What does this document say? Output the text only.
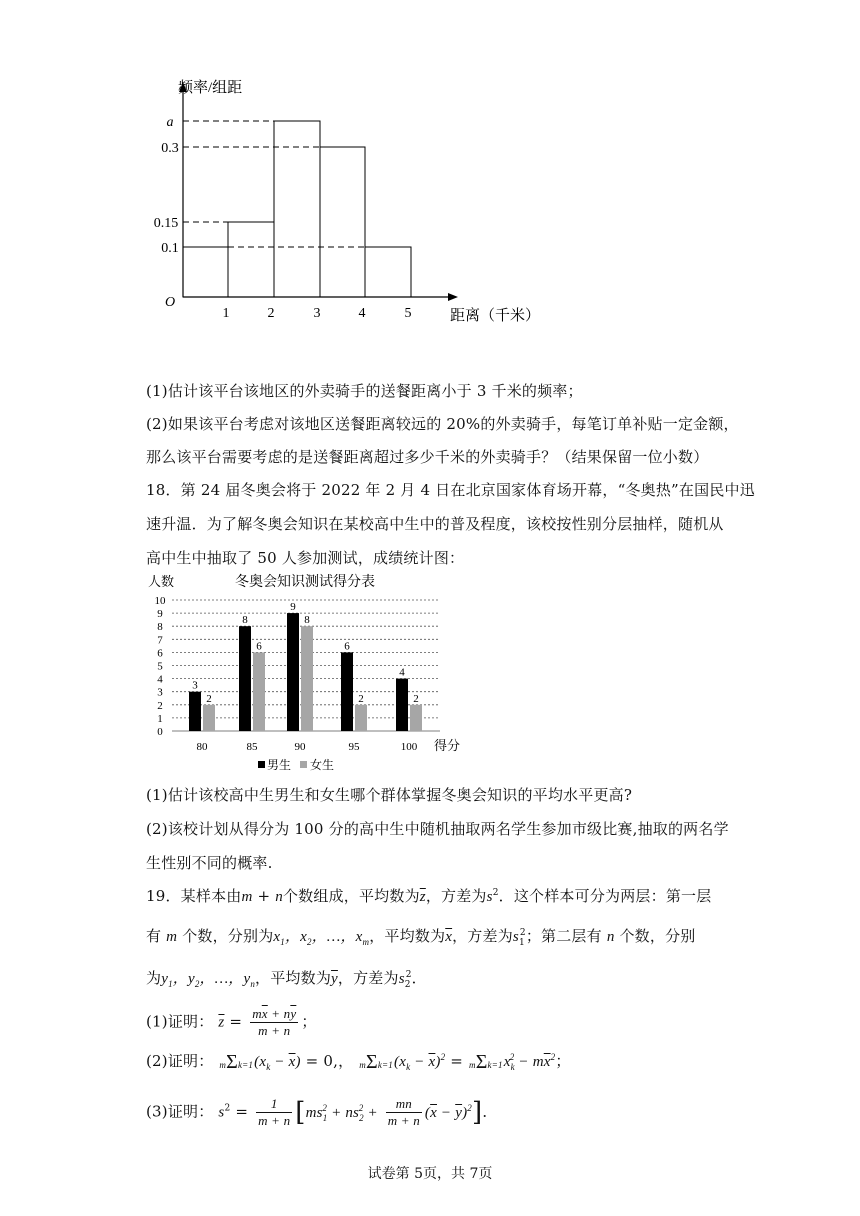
频率/组距
a
0.3
0.15
0.1
O
1	2	3	4	5	距离（千米）
(1)估计该平台该地区的外卖骑手的送餐距离小于 3 千米的频率；
(2)如果该平台考虑对该地区送餐距离较远的 20%的外卖骑手，每笔订单补贴一定金额，
那么该平台需要考虑的是送餐距离超过多少千米的外卖骑手？（结果保留一位小数）
18．第 24 届冬奥会将于 2022 年 2 月 4 日在北京国家体育场开幕，“冬奥热”在国民中迅
速升温．为了解冬奥会知识在某校高中生中的普及程度，该校按性别分层抽样，随机从
高中生中抽取了 50 人参加测试，成绩统计图：
人数	冬奥会知识测试得分表
0
1
2
3
4
5
6
7
8
9
10
3
2
8
6
9
8
6
2
4
2
80	85	90	95	100 得分
男生 女生
(1)估计该校高中生男生和女生哪个群体掌握冬奥会知识的平均水平更高?
(2)该校计划从得分为 100 分的高中生中随机抽取两名学生参加市级比赛,抽取的两名学
生性别不同的概率.
19．某样本由m + n个数组成，平均数为$\overline{z}$，方差为$s^2$．这个样本可分为两层：第一层
有 m 个数，分别为$x_1$，$x_2$，…，$x_m$，平均数为$\overline{x}$，方差为$s_1^2$；第二层有 n 个数，分别
为$y_1$，$y_2$，…，$y_n$，平均数为$\overline{y}$，方差为$s_2^2$．
(1)证明： $\overline{z} = \frac{m\overline{x} + n\overline{y}}{m + n}$ ；
(2)证明： $m\Sigma k=1(x_k - \overline{x}) = 0$,， $m\Sigma k=1(x_k - \overline{x})^2 = m\Sigma k=1x_k^2 - m\overline{x}^2$；
(3)证明： $s^2 = \frac{1}{m + n} [ms_1^2 + ns_2^2 + \frac{mn}{m + n} (\overline{x} - \overline{y})^2]$．
试卷第 5页，共 7页
